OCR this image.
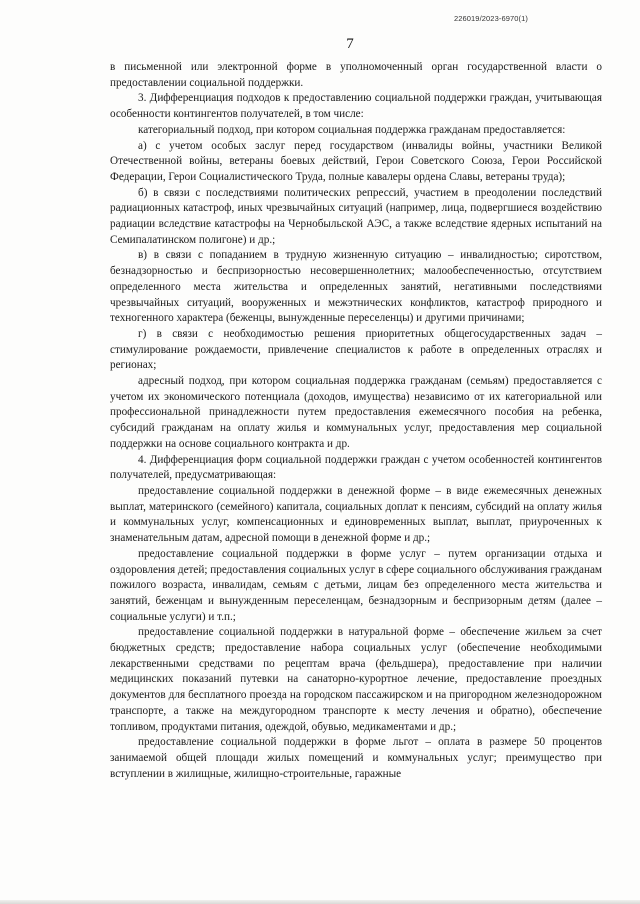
226019/2023-6970(1)
7

в письменной или электронной форме в уполномоченный орган государственной власти о предоставлении социальной поддержки.

3. Дифференциация подходов к предоставлению социальной поддержки граждан, учитывающая особенности контингентов получателей, в том числе:

категориальный подход, при котором социальная поддержка гражданам предоставляется:

а) с учетом особых заслуг перед государством (инвалиды войны, участники Великой Отечественной войны, ветераны боевых действий, Герои Советского Союза, Герои Российской Федерации, Герои Социалистического Труда, полные кавалеры ордена Славы, ветераны труда);

б) в связи с последствиями политических репрессий, участием в преодолении последствий радиационных катастроф, иных чрезвычайных ситуаций (например, лица, подвергшиеся воздействию радиации вследствие катастрофы на Чернобыльской АЭС, а также вследствие ядерных испытаний на Семипалатинском полигоне) и др.;

в) в связи с попаданием в трудную жизненную ситуацию – инвалидностью; сиротством, безнадзорностью и беспризорностью несовершеннолетних; малообеспеченностью, отсутствием определенного места жительства и определенных занятий, негативными последствиями чрезвычайных ситуаций, вооруженных и межэтнических конфликтов, катастроф природного и техногенного характера (беженцы, вынужденные переселенцы) и другими причинами;

г) в связи с необходимостью решения приоритетных общегосударственных задач – стимулирование рождаемости, привлечение специалистов к работе в определенных отраслях и регионах;

адресный подход, при котором социальная поддержка гражданам (семьям) предоставляется с учетом их экономического потенциала (доходов, имущества) независимо от их категориальной или профессиональной принадлежности путем предоставления ежемесячного пособия на ребенка, субсидий гражданам на оплату жилья и коммунальных услуг, предоставления мер социальной поддержки на основе социального контракта и др.

4. Дифференциация форм социальной поддержки граждан с учетом особенностей контингентов получателей, предусматривающая:

предоставление социальной поддержки в денежной форме – в виде ежемесячных денежных выплат, материнского (семейного) капитала, социальных доплат к пенсиям, субсидий на оплату жилья и коммунальных услуг, компенсационных и единовременных выплат, выплат, приуроченных к знаменательным датам, адресной помощи в денежной форме и др.;

предоставление социальной поддержки в форме услуг – путем организации отдыха и оздоровления детей; предоставления социальных услуг в сфере социального обслуживания гражданам пожилого возраста, инвалидам, семьям с детьми, лицам без определенного места жительства и занятий, беженцам и вынужденным переселенцам, безнадзорным и беспризорным детям (далее – социальные услуги) и т.п.;

предоставление социальной поддержки в натуральной форме – обеспечение жильем за счет бюджетных средств; предоставление набора социальных услуг (обеспечение необходимыми лекарственными средствами по рецептам врача (фельдшера), предоставление при наличии медицинских показаний путевки на санаторно-курортное лечение, предоставление проездных документов для бесплатного проезда на городском пассажирском и на пригородном железнодорожном транспорте, а также на междугородном транспорте к месту лечения и обратно), обеспечение топливом, продуктами питания, одеждой, обувью, медикаментами и др.;

предоставление социальной поддержки в форме льгот – оплата в размере 50 процентов занимаемой общей площади жилых помещений и коммунальных услуг; преимущество при вступлении в жилищные, жилищно-строительные, гаражные
